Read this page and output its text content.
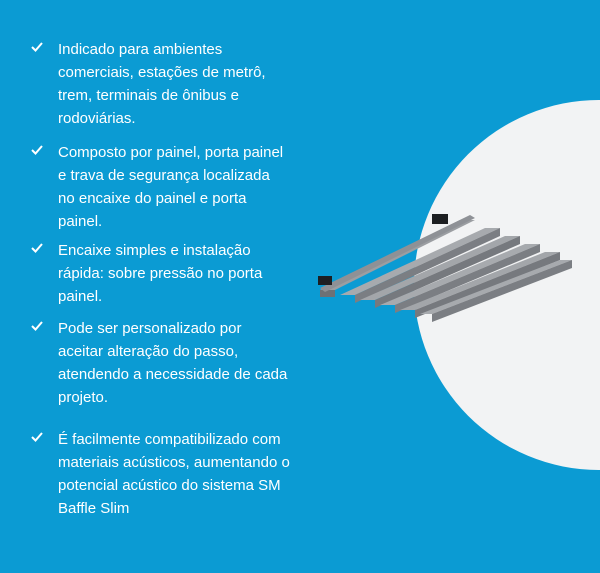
Indicado para ambientes comerciais, estações de metrô, trem, terminais de ônibus e rodoviárias.
Composto por painel, porta painel e trava de segurança localizada no encaixe do painel e porta painel.
Encaixe simples e instalação rápida: sobre pressão no porta painel.
Pode ser personalizado por aceitar alteração do passo, atendendo a necessidade de cada projeto.
É facilmente compatibilizado com materiais acústicos, aumentando o potencial acústico do sistema SM Baffle Slim
